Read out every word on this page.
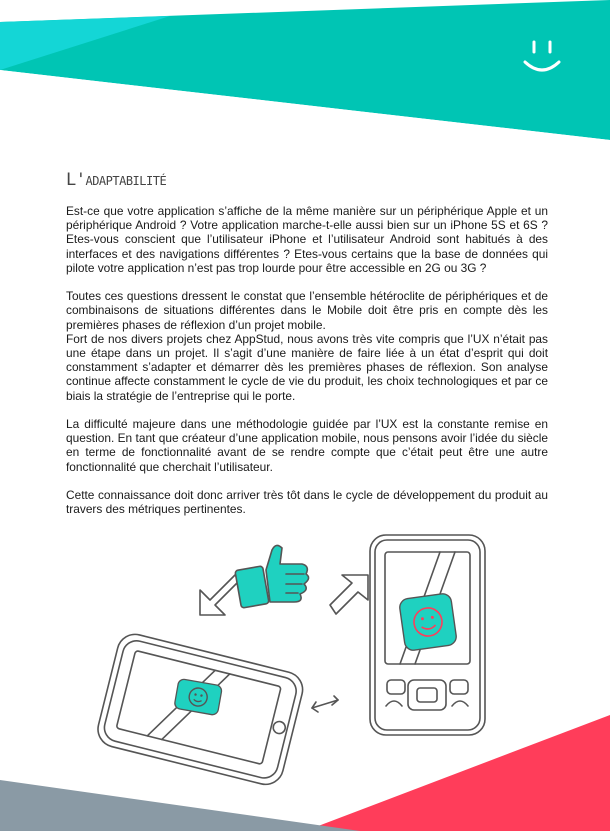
L'adaptabilité

Est-ce que votre application s’affiche de la même manière sur un périphérique Apple et un périphérique Android ? Votre application marche-t-elle aussi bien sur un iPhone 5S et 6S ? Etes-vous conscient que l’utilisateur iPhone et l’utilisateur Android sont habitués à des interfaces et des navigations différentes ? Etes-vous certains que la base de données qui pilote votre application n’est pas trop lourde pour être accessible en 2G ou 3G ?

Toutes ces questions dressent le constat que l’ensemble hétéroclite de périphériques et de combinaisons de situations différentes dans le Mobile doit être pris en compte dès les premières phases de réflexion d’un projet mobile.

Fort de nos divers projets chez AppStud, nous avons très vite compris que l’UX n’était pas une étape dans un projet. Il s’agit d’une manière de faire liée à un état d’esprit qui doit constamment s’adapter et démarrer dès les premières phases de réflexion. Son analyse continue affecte constamment le cycle de vie du produit, les choix technologiques et par ce biais la stratégie de l’entreprise qui le porte.

La difficulté majeure dans une méthodologie guidée par l’UX est la constante remise en question. En tant que créateur d’une application mobile, nous pensons avoir l’idée du siècle en terme de fonctionnalité avant de se rendre compte que c’était peut être une autre fonctionnalité que cherchait l’utilisateur.

Cette connaissance doit donc arriver très tôt dans le cycle de développement du produit au travers des métriques pertinentes.
